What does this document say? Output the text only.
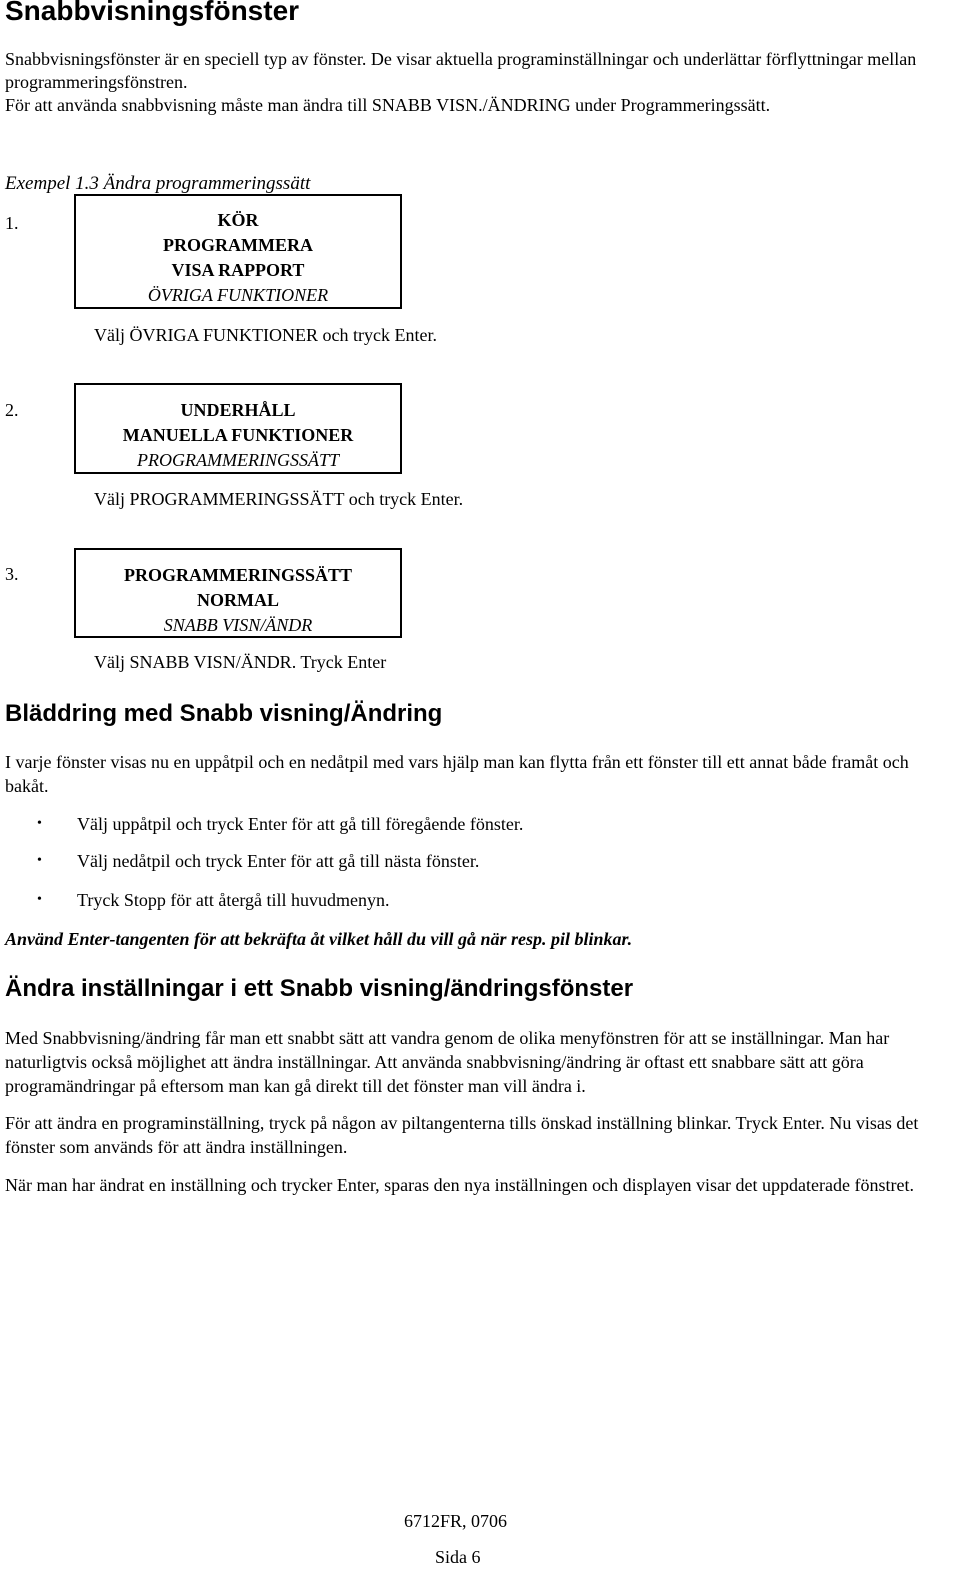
Snabbvisningsfönster
Snabbvisningsfönster är en speciell typ av fönster. De visar aktuella programinställningar och underlättar förflyttningar mellan programmeringsfönstren.
För att använda snabbvisning måste man ändra till SNABB VISN./ÄNDRING under Programmeringssätt.
Exempel 1.3 Ändra programmeringssätt
1.	KÖR
PROGRAMMERA
VISA RAPPORT
ÖVRIGA FUNKTIONER
Välj ÖVRIGA FUNKTIONER och tryck Enter.
2.	UNDERHÅLL
MANUELLA FUNKTIONER
PROGRAMMERINGSSÄTT
Välj PROGRAMMERINGSSÄTT och tryck Enter.
3.	PROGRAMMERINGSSÄTT
NORMAL
SNABB VISN/ÄNDR
Välj SNABB VISN/ÄNDR. Tryck Enter
Bläddring med Snabb visning/Ändring
I varje fönster visas nu en uppåtpil och en nedåtpil med vars hjälp man kan flytta från ett fönster till ett annat både framåt och bakåt.
• Välj uppåtpil och tryck Enter för att gå till föregående fönster.
• Välj nedåtpil och tryck Enter för att gå till nästa fönster.
• Tryck Stopp för att återgå till huvudmenyn.
Använd Enter-tangenten för att bekräfta åt vilket håll du vill gå när resp. pil blinkar.
Ändra inställningar i ett Snabb visning/ändringsfönster
Med Snabbvisning/ändring får man ett snabbt sätt att vandra genom de olika menyfönstren för att se inställningar. Man har naturligtvis också möjlighet att ändra inställningar. Att använda snabbvisning/ändring är oftast ett snabbare sätt att göra programändringar på eftersom man kan gå direkt till det fönster man vill ändra i.
För att ändra en programinställning, tryck på någon av piltangenterna tills önskad inställning blinkar. Tryck Enter. Nu visas det fönster som används för att ändra inställningen.
När man har ändrat en inställning och trycker Enter, sparas den nya inställningen och displayen visar det uppdaterade fönstret.
6712FR, 0706
Sida 6
